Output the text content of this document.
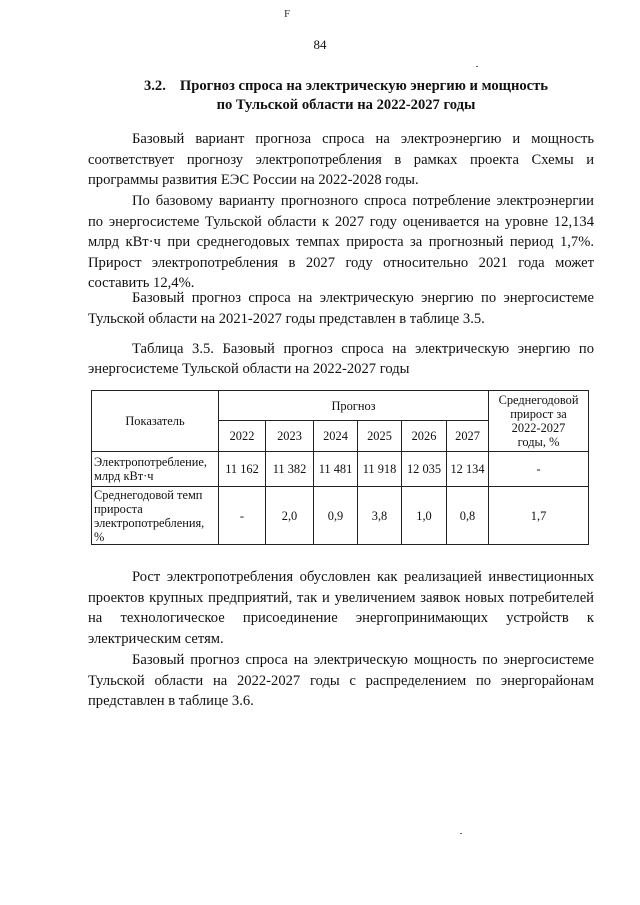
F
84
3.2. Прогноз спроса на электрическую энергию и мощность
по Тульской области на 2022-2027 годы

Базовый вариант прогноза спроса на электроэнергию и мощность соответствует прогнозу электропотребления в рамках проекта Схемы и программы развития ЕЭС России на 2022-2028 годы.

По базовому варианту прогнозного спроса потребление электроэнергии по энергосистеме Тульской области к 2027 году оценивается на уровне 12,134 млрд кВт·ч при среднегодовых темпах прироста за прогнозный период 1,7%. Прирост электропотребления в 2027 году относительно 2021 года может составить 12,4%.

Базовый прогноз спроса на электрическую энергию по энергосистеме Тульской области на 2021-2027 годы представлен в таблице 3.5.

Таблица 3.5. Базовый прогноз спроса на электрическую энергию по энергосистеме Тульской области на 2022-2027 годы

Показатель	Прогноз						Среднегодовой
прирост за
2022-2027
годы, %

	2022	2023	2024	2025	2026	2027	

Электропотребление,
млрд кВт·ч	11 162	11 382	11 481	11 918	12 035	12 134	-

Среднегодовой темп
прироста
электропотребления,
%	-	2,0	0,9	3,8	1,0	0,8	1,7

Рост электропотребления обусловлен как реализацией инвестиционных проектов крупных предприятий, так и увеличением заявок новых потребителей на технологическое присоединение энергопринимающих устройств к электрическим сетям.

Базовый прогноз спроса на электрическую мощность по энергосистеме Тульской области на 2022-2027 годы с распределением по энергорайонам представлен в таблице 3.6.
